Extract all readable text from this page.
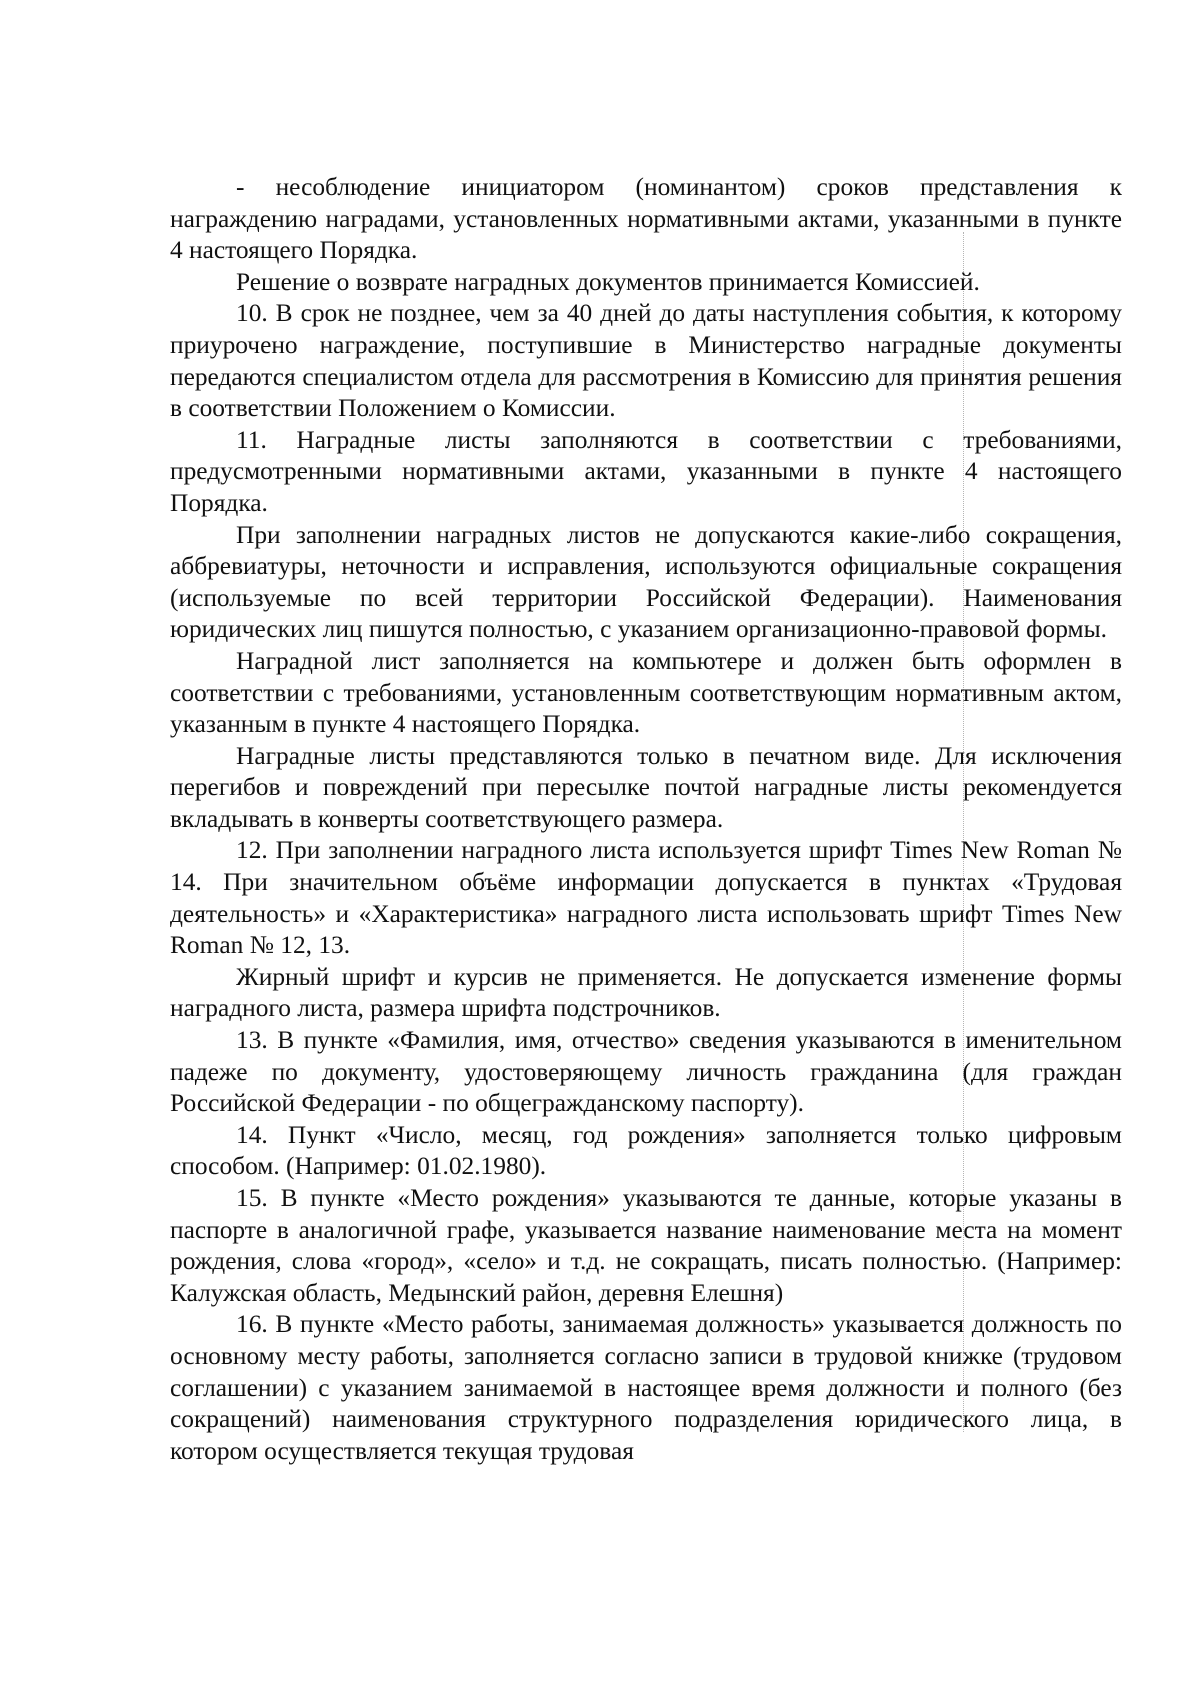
- несоблюдение инициатором (номинантом) сроков представления к награждению наградами, установленных нормативными актами, указанными в пункте 4 настоящего Порядка.

Решение о возврате наградных документов принимается Комиссией.

10. В срок не позднее, чем за 40 дней до даты наступления события, к которому приурочено награждение, поступившие в Министерство наградные документы передаются специалистом отдела для рассмотрения в Комиссию для принятия решения в соответствии Положением о Комиссии.

11. Наградные листы заполняются в соответствии с требованиями, предусмотренными нормативными актами, указанными в пункте 4 настоящего Порядка.

При заполнении наградных листов не допускаются какие-либо сокращения, аббревиатуры, неточности и исправления, используются официальные сокращения (используемые по всей территории Российской Федерации). Наименования юридических лиц пишутся полностью, с указанием организационно-правовой формы.

Наградной лист заполняется на компьютере и должен быть оформлен в соответствии с требованиями, установленным соответствующим нормативным актом, указанным в пункте 4 настоящего Порядка.

Наградные листы представляются только в печатном виде. Для исключения перегибов и повреждений при пересылке почтой наградные листы рекомендуется вкладывать в конверты соответствующего размера.

12. При заполнении наградного листа используется шрифт Times New Roman № 14. При значительном объёме информации допускается в пунктах «Трудовая деятельность» и «Характеристика» наградного листа использовать шрифт Times New Roman № 12, 13.

Жирный шрифт и курсив не применяется. Не допускается изменение формы наградного листа, размера шрифта подстрочников.

13. В пункте «Фамилия, имя, отчество» сведения указываются в именительном падеже по документу, удостоверяющему личность гражданина (для граждан Российской Федерации - по общегражданскому паспорту).

14. Пункт «Число, месяц, год рождения» заполняется только цифровым способом. (Например: 01.02.1980).

15. В пункте «Место рождения» указываются те данные, которые указаны в паспорте в аналогичной графе, указывается название наименование места на момент рождения, слова «город», «село» и т.д. не сокращать, писать полностью. (Например: Калужская область, Медынский район, деревня Елешня)

16. В пункте «Место работы, занимаемая должность» указывается должность по основному месту работы, заполняется согласно записи в трудовой книжке (трудовом соглашении) с указанием занимаемой в настоящее время должности и полного (без сокращений) наименования структурного подразделения юридического лица, в котором осуществляется текущая трудовая
